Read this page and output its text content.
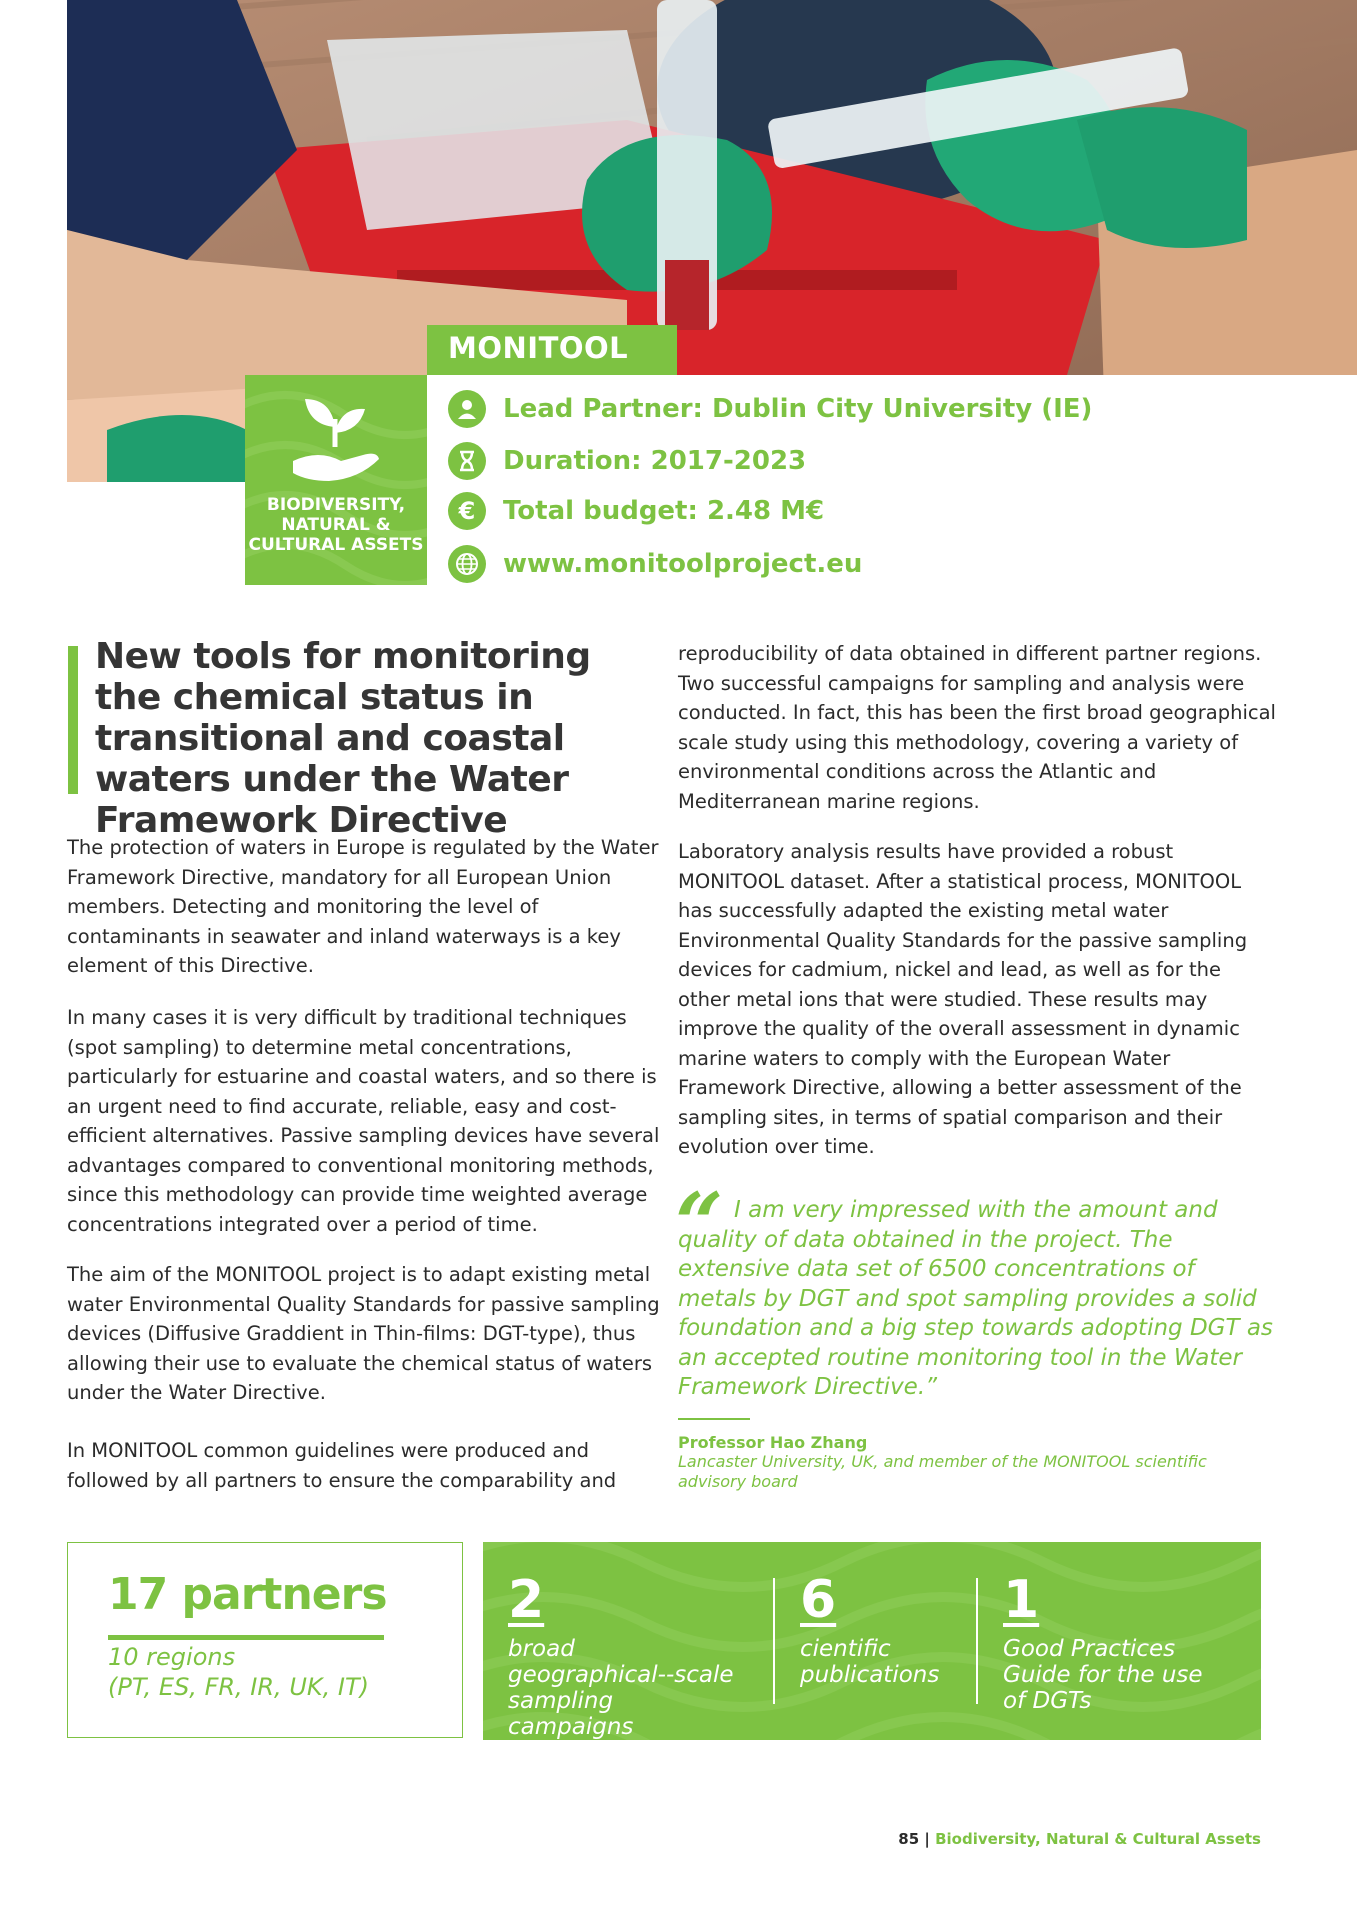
MONITOOL
BIODIVERSITY, NATURAL & CULTURAL ASSETS
Lead Partner: Dublin City University (IE)
Duration: 2017-2023
€	Total budget: 2.48 M€
www.monitoolproject.eu
New tools for monitoring the chemical status in transitional and coastal waters under the Water Framework Directive

The protection of waters in Europe is regulated by the Water Framework Directive, mandatory for all European Union members. Detecting and monitoring the level of contaminants in seawater and inland waterways is a key element of this Directive.

In many cases it is very difficult by traditional techniques (spot sampling) to determine metal concentrations, particularly for estuarine and coastal waters, and so there is an urgent need to find accurate, reliable, easy and cost-efficient alternatives. Passive sampling devices have several advantages compared to conventional monitoring methods, since this methodology can provide time weighted average concentrations integrated over a period of time.

The aim of the MONITOOL project is to adapt existing metal water Environmental Quality Standards for passive sampling devices (Diffusive Graddient in Thin-films: DGT-type), thus allowing their use to evaluate the chemical status of waters under the Water Directive.

In MONITOOL common guidelines were produced and followed by all partners to ensure the comparability and

reproducibility of data obtained in different partner regions. Two successful campaigns for sampling and analysis were conducted. In fact, this has been the first broad geographical scale study using this methodology, covering a variety of environmental conditions across the Atlantic and Mediterranean marine regions.

Laboratory analysis results have provided a robust MONITOOL dataset. After a statistical process, MONITOOL has successfully adapted the existing metal water Environmental Quality Standards for the passive sampling devices for cadmium, nickel and lead, as well as for the other metal ions that were studied. These results may improve the quality of the overall assessment in dynamic marine waters to comply with the European Water Framework Directive, allowing a better assessment of the sampling sites, in terms of spatial comparison and their evolution over time.

“ I am very impressed with the amount and quality of data obtained in the project. The extensive data set of 6500 concentrations of metals by DGT and spot sampling provides a solid foundation and a big step towards adopting DGT as an accepted routine monitoring tool in the Water Framework Directive.”

Professor Hao Zhang
Lancaster University, UK, and member of the MONITOOL scientific advisory board
17 partners
10 regions
(PT, ES, FR, IR, UK, IT)
2
broad geographical--scale sampling campaigns
6
cientific publications
1
Good Practices Guide for the use of DGTs
85 | Biodiversity, Natural & Cultural Assets
